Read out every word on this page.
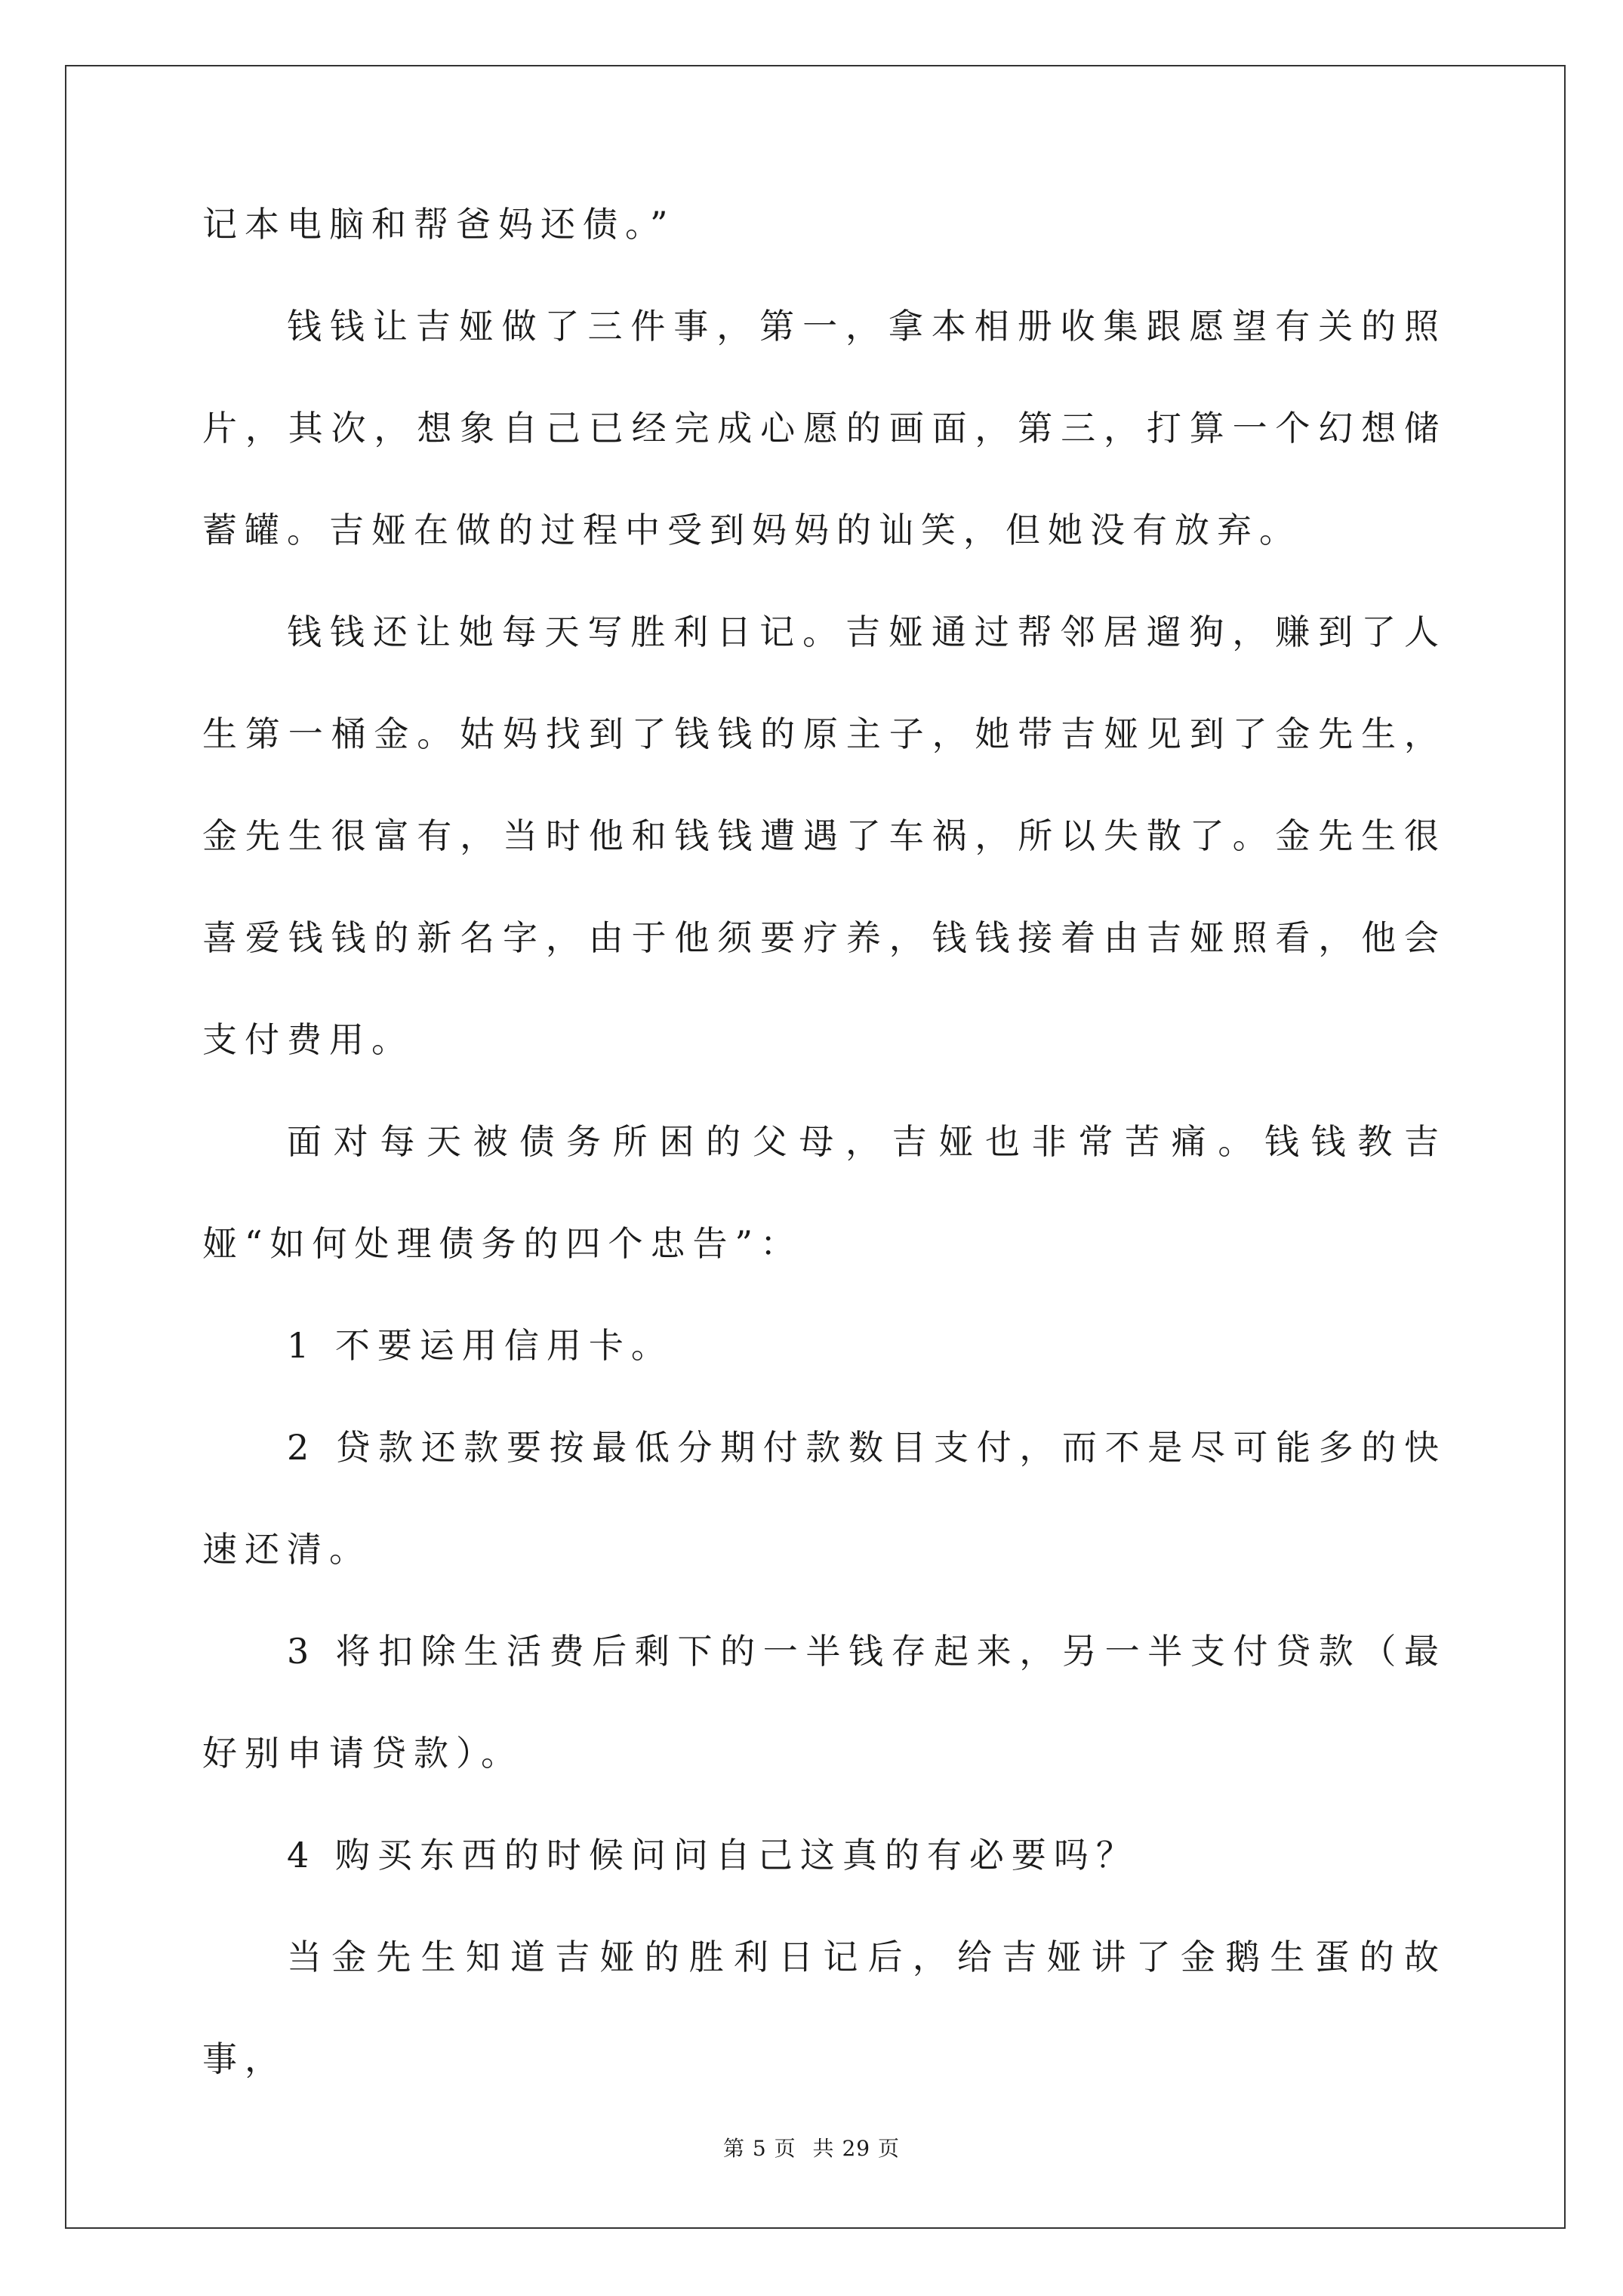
记本电脑和帮爸妈还债。”

钱钱让吉娅做了三件事，第一，拿本相册收集跟愿望有关的照片，其次，想象自己已经完成心愿的画面，第三，打算一个幻想储蓄罐。吉娅在做的过程中受到妈妈的讪笑，但她没有放弃。

钱钱还让她每天写胜利日记。吉娅通过帮邻居遛狗，赚到了人生第一桶金。姑妈找到了钱钱的原主子，她带吉娅见到了金先生，金先生很富有，当时他和钱钱遭遇了车祸，所以失散了。金先生很喜爱钱钱的新名字，由于他须要疗养，钱钱接着由吉娅照看，他会支付费用。

面对每天被债务所困的父母，吉娅也非常苦痛。钱钱教吉娅“如何处理债务的四个忠告”：

1 不要运用信用卡。

2 贷款还款要按最低分期付款数目支付，而不是尽可能多的快速还清。

3 将扣除生活费后剩下的一半钱存起来，另一半支付贷款（最好别申请贷款）。

4 购买东西的时候问问自己这真的有必要吗？

当金先生知道吉娅的胜利日记后，给吉娅讲了金鹅生蛋的故事，

第 5 页 共 29 页
